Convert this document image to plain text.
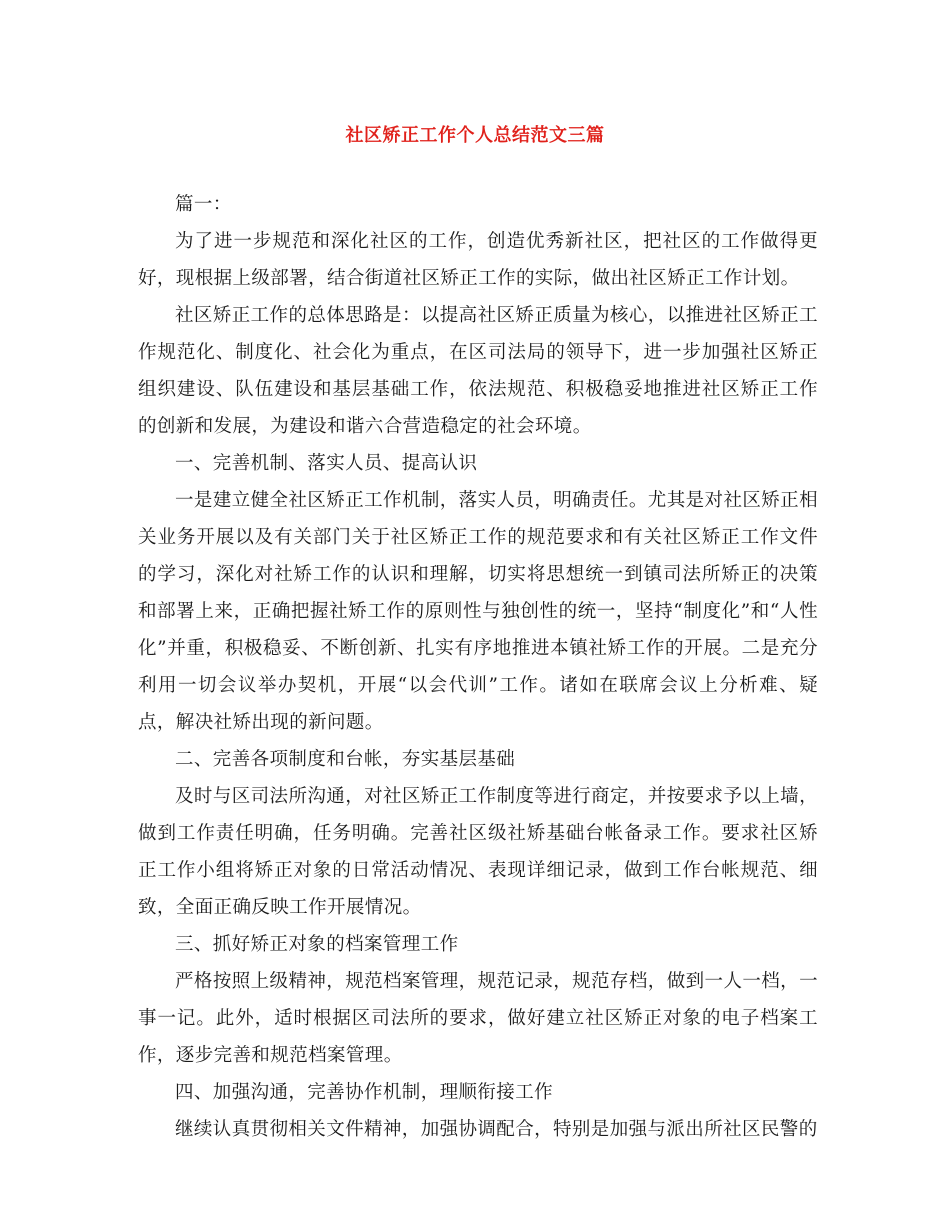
社区矫正工作个人总结范文三篇

篇一：

为了进一步规范和深化社区的工作，创造优秀新社区，把社区的工作做得更好，现根据上级部署，结合街道社区矫正工作的实际，做出社区矫正工作计划。

社区矫正工作的总体思路是：以提高社区矫正质量为核心，以推进社区矫正工作规范化、制度化、社会化为重点，在区司法局的领导下，进一步加强社区矫正组织建设、队伍建设和基层基础工作，依法规范、积极稳妥地推进社区矫正工作的创新和发展，为建设和谐六合营造稳定的社会环境。

一、完善机制、落实人员、提高认识

一是建立健全社区矫正工作机制，落实人员，明确责任。尤其是对社区矫正相关业务开展以及有关部门关于社区矫正工作的规范要求和有关社区矫正工作文件的学习，深化对社矫工作的认识和理解，切实将思想统一到镇司法所矫正的决策和部署上来，正确把握社矫工作的原则性与独创性的统一，坚持“制度化”和“人性化”并重，积极稳妥、不断创新、扎实有序地推进本镇社矫工作的开展。二是充分利用一切会议举办契机，开展“以会代训”工作。诸如在联席会议上分析难、疑点，解决社矫出现的新问题。

二、完善各项制度和台帐，夯实基层基础

及时与区司法所沟通，对社区矫正工作制度等进行商定，并按要求予以上墙，做到工作责任明确，任务明确。完善社区级社矫基础台帐备录工作。要求社区矫正工作小组将矫正对象的日常活动情况、表现详细记录，做到工作台帐规范、细致，全面正确反映工作开展情况。

三、抓好矫正对象的档案管理工作

严格按照上级精神，规范档案管理，规范记录，规范存档，做到一人一档，一事一记。此外，适时根据区司法所的要求，做好建立社区矫正对象的电子档案工作，逐步完善和规范档案管理。

四、加强沟通，完善协作机制，理顺衔接工作

继续认真贯彻相关文件精神，加强协调配合，特别是加强与派出所社区民警的
